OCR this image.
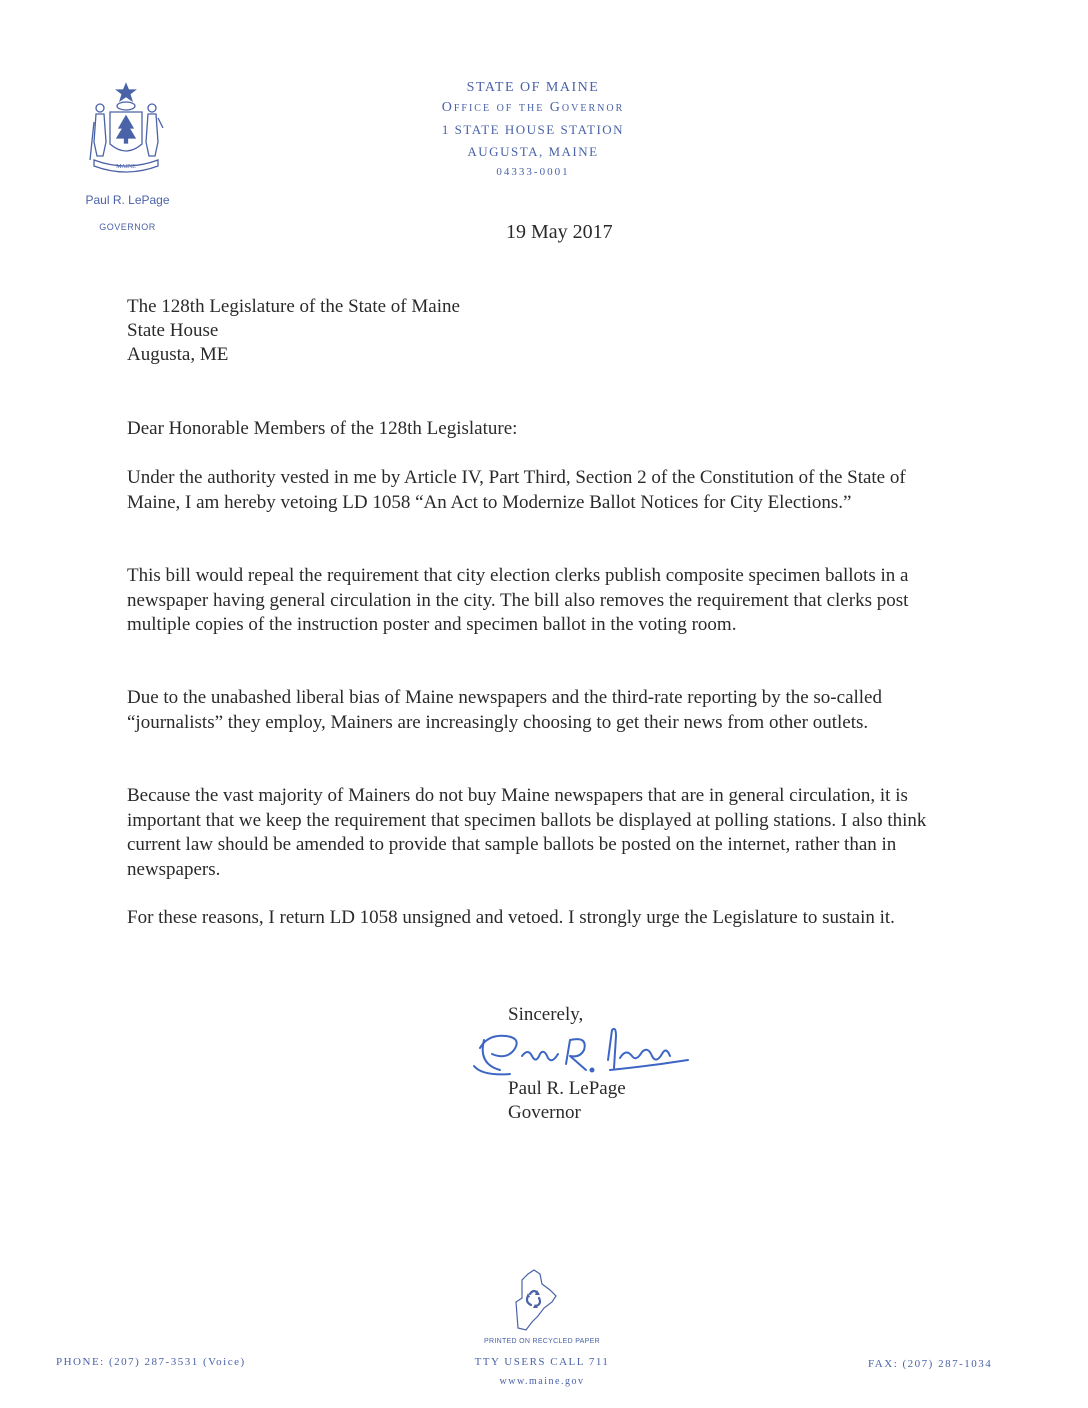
MAINE
Paul R. LePage
GOVERNOR
STATE OF MAINE
Office of the Governor
1 STATE HOUSE STATION
AUGUSTA, MAINE
04333-0001
19 May 2017
The 128th Legislature of the State of Maine
State House
Augusta, ME
Dear Honorable Members of the 128th Legislature:

Under the authority vested in me by Article IV, Part Third, Section 2 of the Constitution of the State of Maine, I am hereby vetoing LD 1058 “An Act to Modernize Ballot Notices for City Elections.”

This bill would repeal the requirement that city election clerks publish composite specimen ballots in a newspaper having general circulation in the city. The bill also removes the requirement that clerks post multiple copies of the instruction poster and specimen ballot in the voting room.

Due to the unabashed liberal bias of Maine newspapers and the third-rate reporting by the so-called “journalists” they employ, Mainers are increasingly choosing to get their news from other outlets.

Because the vast majority of Mainers do not buy Maine newspapers that are in general circulation, it is important that we keep the requirement that specimen ballots be displayed at polling stations. I also think current law should be amended to provide that sample ballots be posted on the internet, rather than in newspapers.

For these reasons, I return LD 1058 unsigned and vetoed. I strongly urge the Legislature to sustain it.

Sincerely,
Paul R. LePage
Governor
PRINTED ON RECYCLED PAPER
PHONE: (207) 287-3531 (Voice)	TTY USERS CALL 711	FAX: (207) 287-1034
www.maine.gov
